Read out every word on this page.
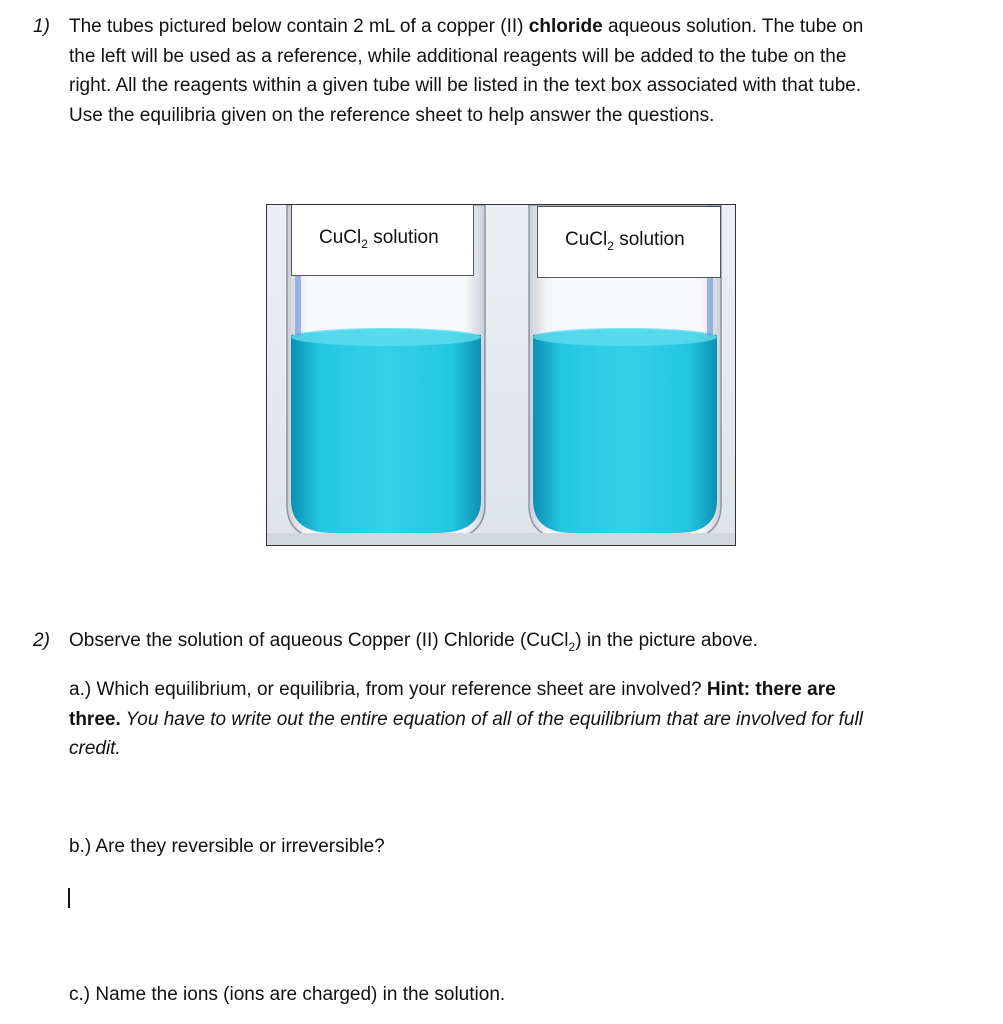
1) The tubes pictured below contain 2 mL of a copper (II) chloride aqueous solution. The tube on
the left will be used as a reference, while additional reagents will be added to the tube on the
right. All the reagents within a given tube will be listed in the text box associated with that tube.
Use the equilibria given on the reference sheet to help answer the questions.
CuCl$_2$ solution	CuCl$_2$ solution
2) Observe the solution of aqueous Copper (II) Chloride (CuCl$_2$) in the picture above.
a.) Which equilibrium, or equilibria, from your reference sheet are involved? Hint: there are
three. You have to write out the entire equation of all of the equilibrium that are involved for full
credit.
b.) Are they reversible or irreversible?
c.) Name the ions (ions are charged) in the solution.
